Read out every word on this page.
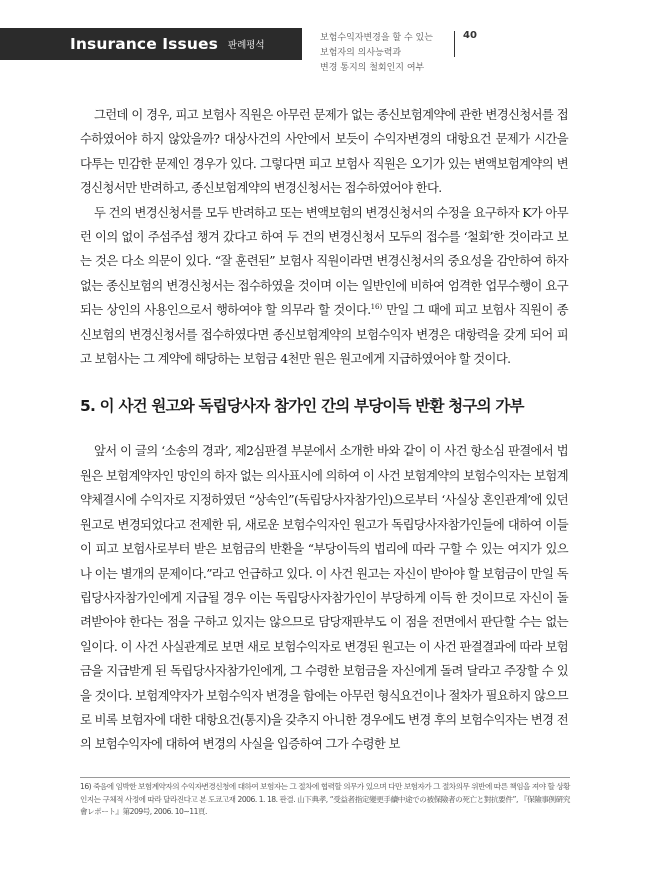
Insurance Issues 판례평석
보험수익자변경을 할 수 있는
보험자의 의사능력과
변경 통지의 철회인지 여부
40

그런데 이 경우, 피고 보험사 직원은 아무런 문제가 없는 종신보험계약에 관한 변경신청서를 접수하였어야 하지 않았을까? 대상사건의 사안에서 보듯이 수익자변경의 대항요건 문제가 시간을 다투는 민감한 문제인 경우가 있다. 그렇다면 피고 보험사 직원은 오기가 있는 변액보험계약의 변경신청서만 반려하고, 종신보험계약의 변경신청서는 접수하였어야 한다.

두 건의 변경신청서를 모두 반려하고 또는 변액보험의 변경신청서의 수정을 요구하자 K가 아무런 이의 없이 주섬주섬 챙겨 갔다고 하여 두 건의 변경신청서 모두의 접수를 ‘철회’한 것이라고 보는 것은 다소 의문이 있다. “잘 훈련된” 보험사 직원이라면 변경신청서의 중요성을 감안하여 하자 없는 종신보험의 변경신청서는 접수하였을 것이며 이는 일반인에 비하여 엄격한 업무수행이 요구되는 상인의 사용인으로서 행하여야 할 의무라 할 것이다.$^{16)}$ 만일 그 때에 피고 보험사 직원이 종신보험의 변경신청서를 접수하였다면 종신보험계약의 보험수익자 변경은 대항력을 갖게 되어 피고 보험사는 그 계약에 해당하는 보험금 4천만 원은 원고에게 지급하였어야 할 것이다.

5. 이 사건 원고와 독립당사자 참가인 간의 부당이득 반환 청구의 가부

앞서 이 글의 ‘소송의 경과’, 제2심판결 부분에서 소개한 바와 같이 이 사건 항소심 판결에서 법원은 보험계약자인 망인의 하자 없는 의사표시에 의하여 이 사건 보험계약의 보험수익자는 보험계약체결시에 수익자로 지정하였던 “상속인”(독립당사자참가인)으로부터 ‘사실상 혼인관계’에 있던 원고로 변경되었다고 전제한 뒤, 새로운 보험수익자인 원고가 독립당사자참가인들에 대하여 이들이 피고 보험사로부터 받은 보험금의 반환을 “부당이득의 법리에 따라 구할 수 있는 여지가 있으나 이는 별개의 문제이다.”라고 언급하고 있다. 이 사건 원고는 자신이 받아야 할 보험금이 만일 독립당사자참가인에게 지급될 경우 이는 독립당사자참가인이 부당하게 이득 한 것이므로 자신이 돌려받아야 한다는 점을 구하고 있지는 않으므로 담당재판부도 이 점을 전면에서 판단할 수는 없는 일이다. 이 사건 사실관계로 보면 새로 보험수익자로 변경된 원고는 이 사건 판결결과에 따라 보험금을 지급받게 된 독립당사자참가인에게, 그 수령한 보험금을 자신에게 돌려 달라고 주장할 수 있을 것이다. 보험계약자가 보험수익자 변경을 함에는 아무런 형식요건이나 절차가 필요하지 않으므로 비록 보험자에 대한 대항요건(통지)을 갖추지 아니한 경우에도 변경 후의 보험수익자는 변경 전의 보험수익자에 대하여 변경의 사실을 입증하여 그가 수령한 보

16) 죽음에 임박한 보험계약자의 수익자변경신청에 대하여 보험자는 그 절차에 협력할 의무가 있으며 다만 보험자가 그 절차의무 위반에 따른 책임을 져야 할 상황인지는 구체적 사정에 따라 달라진다고 본 도쿄고재 2006. 1. 18. 판결. 山下典孝, “受益者指定變更手續中途での被保險者の死亡と對抗要件”, 『保險事例硏究會レポート』第209号, 2006. 10~11頁.
